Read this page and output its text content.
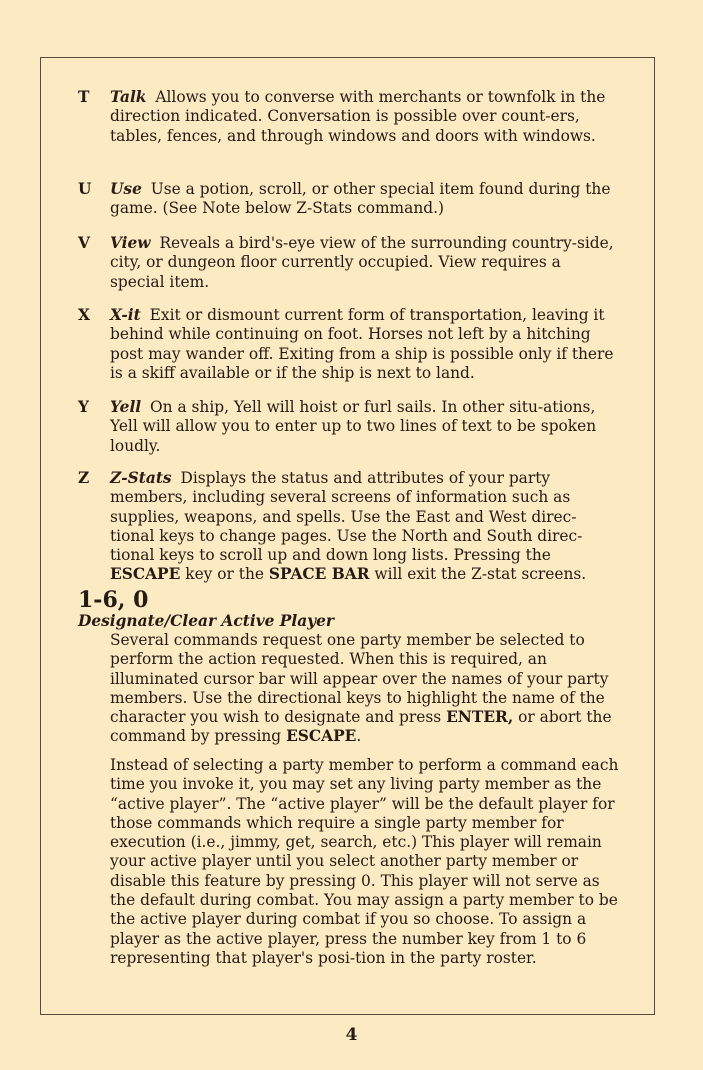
T Talk Allows you to converse with merchants or townfolk in the direction indicated. Conversation is possible over count-ers, tables, fences, and through windows and doors with windows.
U Use Use a potion, scroll, or other special item found during the game. (See Note below Z-Stats command.)
V View Reveals a bird's-eye view of the surrounding country-side, city, or dungeon floor currently occupied. View requires a special item.
X X-it Exit or dismount current form of transportation, leaving it behind while continuing on foot. Horses not left by a hitching post may wander off. Exiting from a ship is possible only if there is a skiff available or if the ship is next to land.
Y Yell On a ship, Yell will hoist or furl sails. In other situ-ations, Yell will allow you to enter up to two lines of text to be spoken loudly.
Z Z-Stats Displays the status and attributes of your party members, including several screens of information such as supplies, weapons, and spells. Use the East and West direc-tional keys to change pages. Use the North and South direc-tional keys to scroll up and down long lists. Pressing the ESCAPE key or the SPACE BAR will exit the Z-stat screens.
1-6, 0
Designate/Clear Active Player

Several commands request one party member be selected to perform the action requested. When this is required, an illuminated cursor bar will appear over the names of your party members. Use the directional keys to highlight the name of the character you wish to designate and press ENTER, or abort the command by pressing ESCAPE.

Instead of selecting a party member to perform a command each time you invoke it, you may set any living party member as the “active player”. The “active player” will be the default player for those commands which require a single party member for execution (i.e., jimmy, get, search, etc.) This player will remain your active player until you select another party member or disable this feature by pressing 0. This player will not serve as the default during combat. You may assign a party member to be the active player during combat if you so choose. To assign a player as the active player, press the number key from 1 to 6 representing that player's posi-tion in the party roster.

4
